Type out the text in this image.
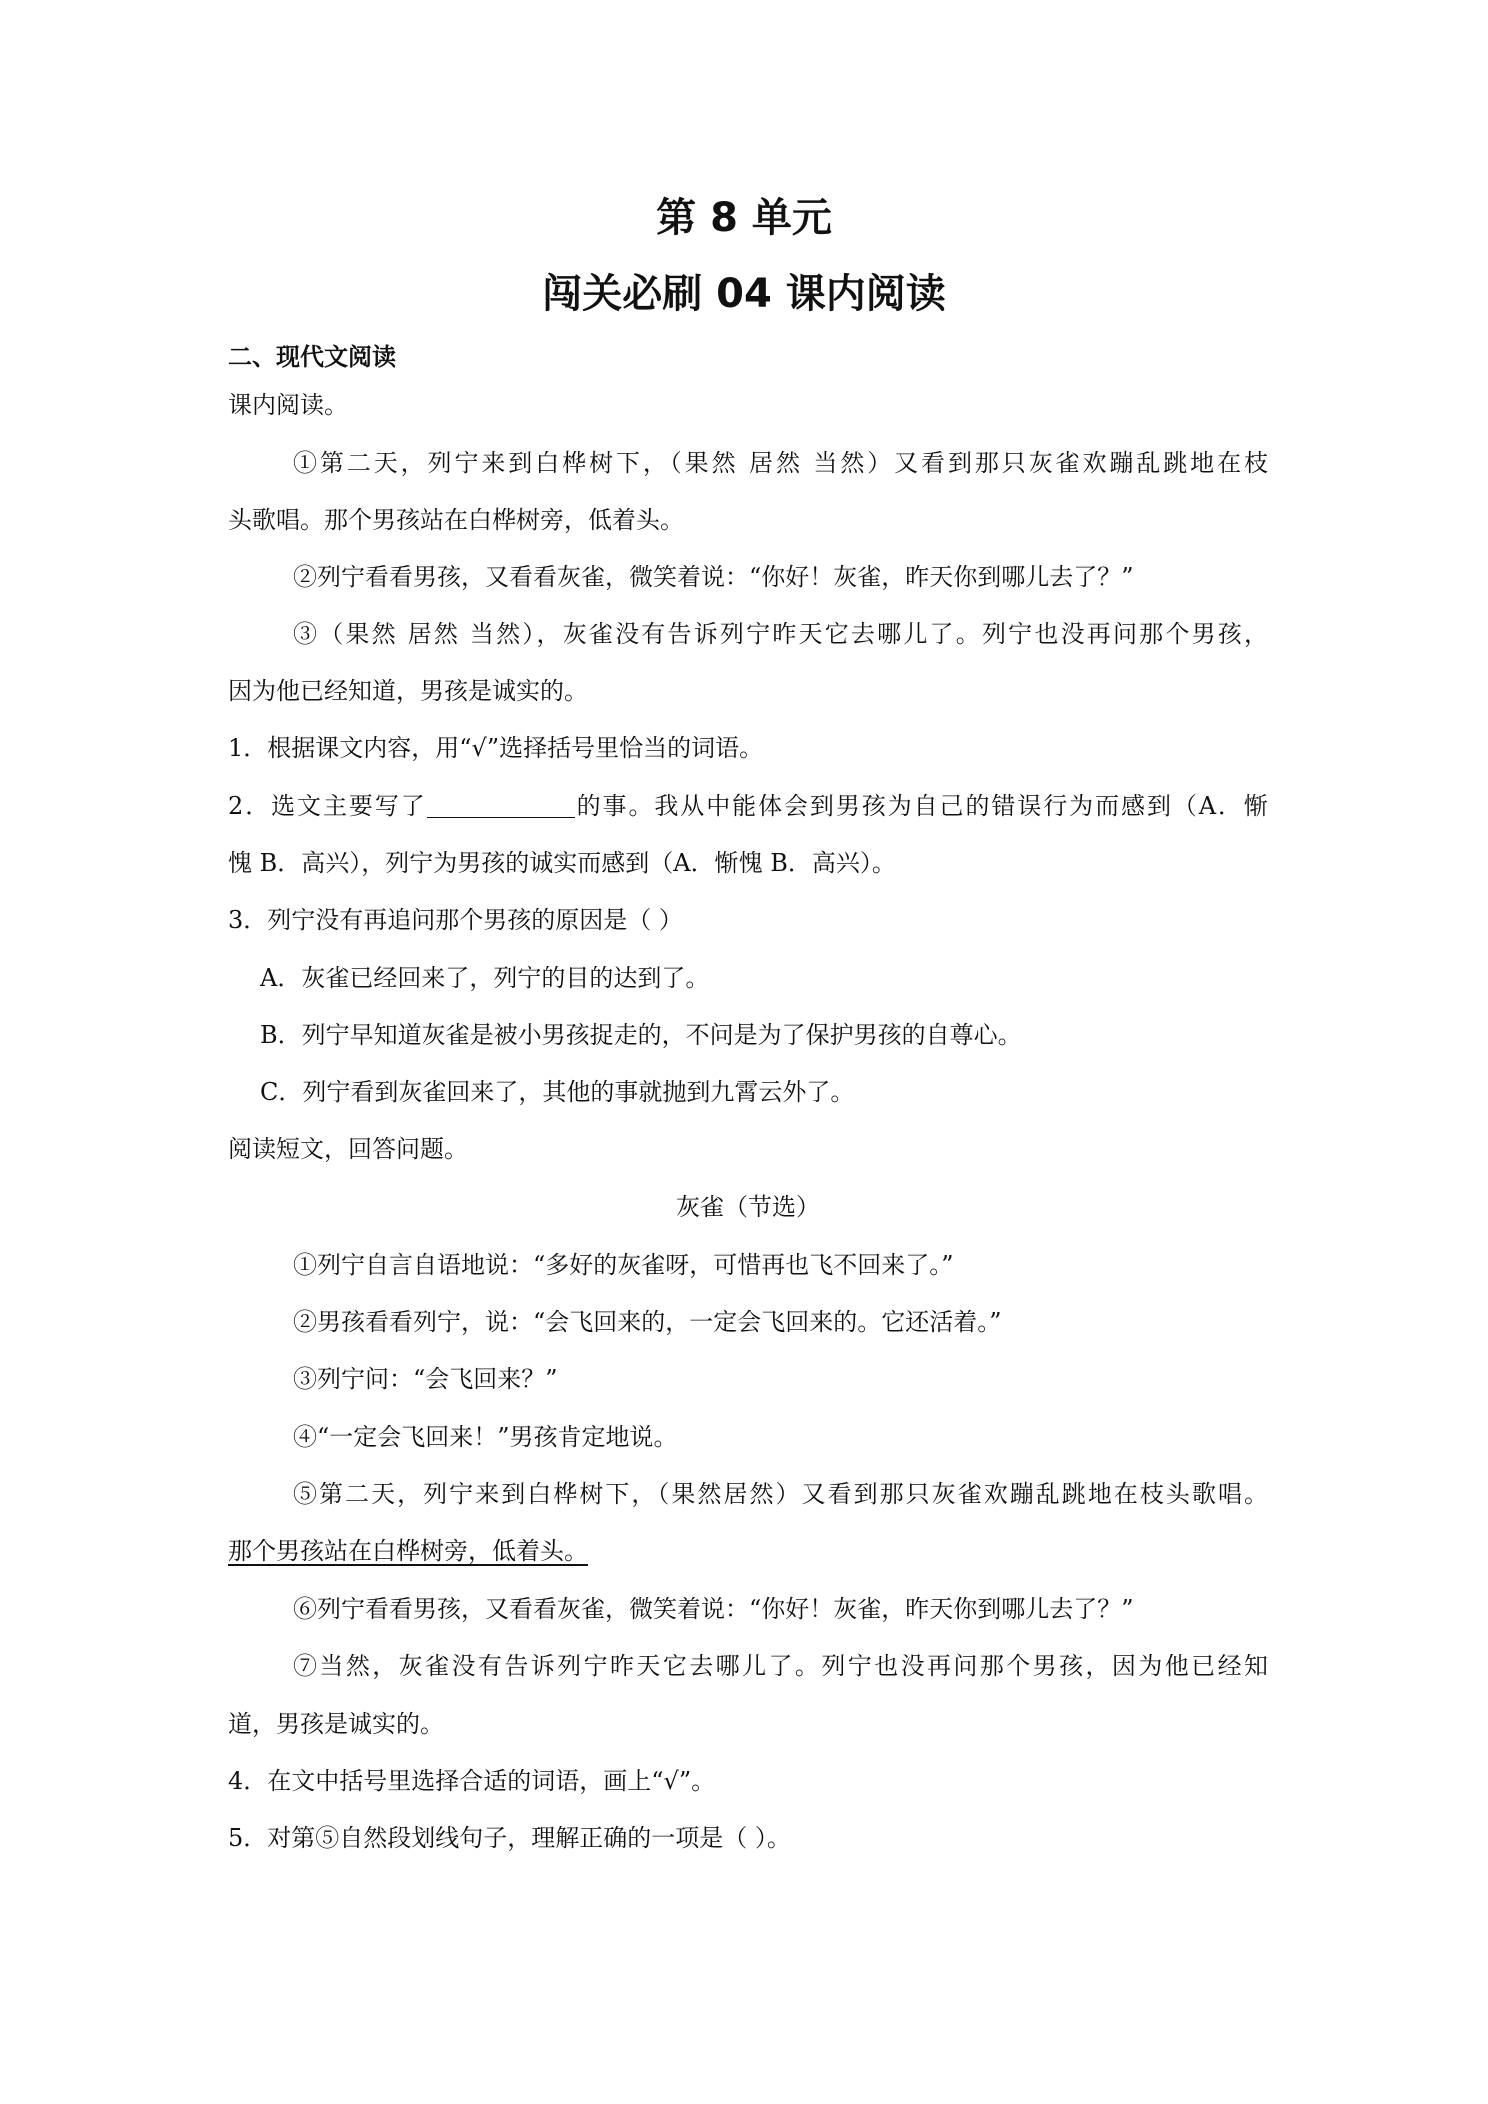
第 8 单元
闯关必刷 04 课内阅读
二、现代文阅读
课内阅读。
①第二天，列宁来到白桦树下，（果然 居然 当然）又看到那只灰雀欢蹦乱跳地在枝
头歌唱。那个男孩站在白桦树旁，低着头。
②列宁看看男孩，又看看灰雀，微笑着说：“你好！灰雀，昨天你到哪儿去了？”
③（果然 居然 当然），灰雀没有告诉列宁昨天它去哪儿了。列宁也没再问那个男孩，
因为他已经知道，男孩是诚实的。
1．根据课文内容，用“√”选择括号里恰当的词语。
2．选文主要写了	的事。我从中能体会到男孩为自己的错误行为而感到（A．惭
愧 B．高兴），列宁为男孩的诚实而感到（A．惭愧 B．高兴）。
3．列宁没有再追问那个男孩的原因是（ ）
A．灰雀已经回来了，列宁的目的达到了。
B．列宁早知道灰雀是被小男孩捉走的，不问是为了保护男孩的自尊心。
C．列宁看到灰雀回来了，其他的事就抛到九霄云外了。
阅读短文，回答问题。
灰雀（节选）
①列宁自言自语地说：“多好的灰雀呀，可惜再也飞不回来了。”
②男孩看看列宁，说：“会飞回来的，一定会飞回来的。它还活着。”
③列宁问：“会飞回来？”
④“一定会飞回来！”男孩肯定地说。
⑤第二天，列宁来到白桦树下，（果然居然）又看到那只灰雀欢蹦乱跳地在枝头歌唱。
那个男孩站在白桦树旁，低着头。
⑥列宁看看男孩，又看看灰雀，微笑着说：“你好！灰雀，昨天你到哪儿去了？”
⑦当然，灰雀没有告诉列宁昨天它去哪儿了。列宁也没再问那个男孩，因为他已经知
道，男孩是诚实的。
4．在文中括号里选择合适的词语，画上“√”。
5．对第⑤自然段划线句子，理解正确的一项是（ ）。
